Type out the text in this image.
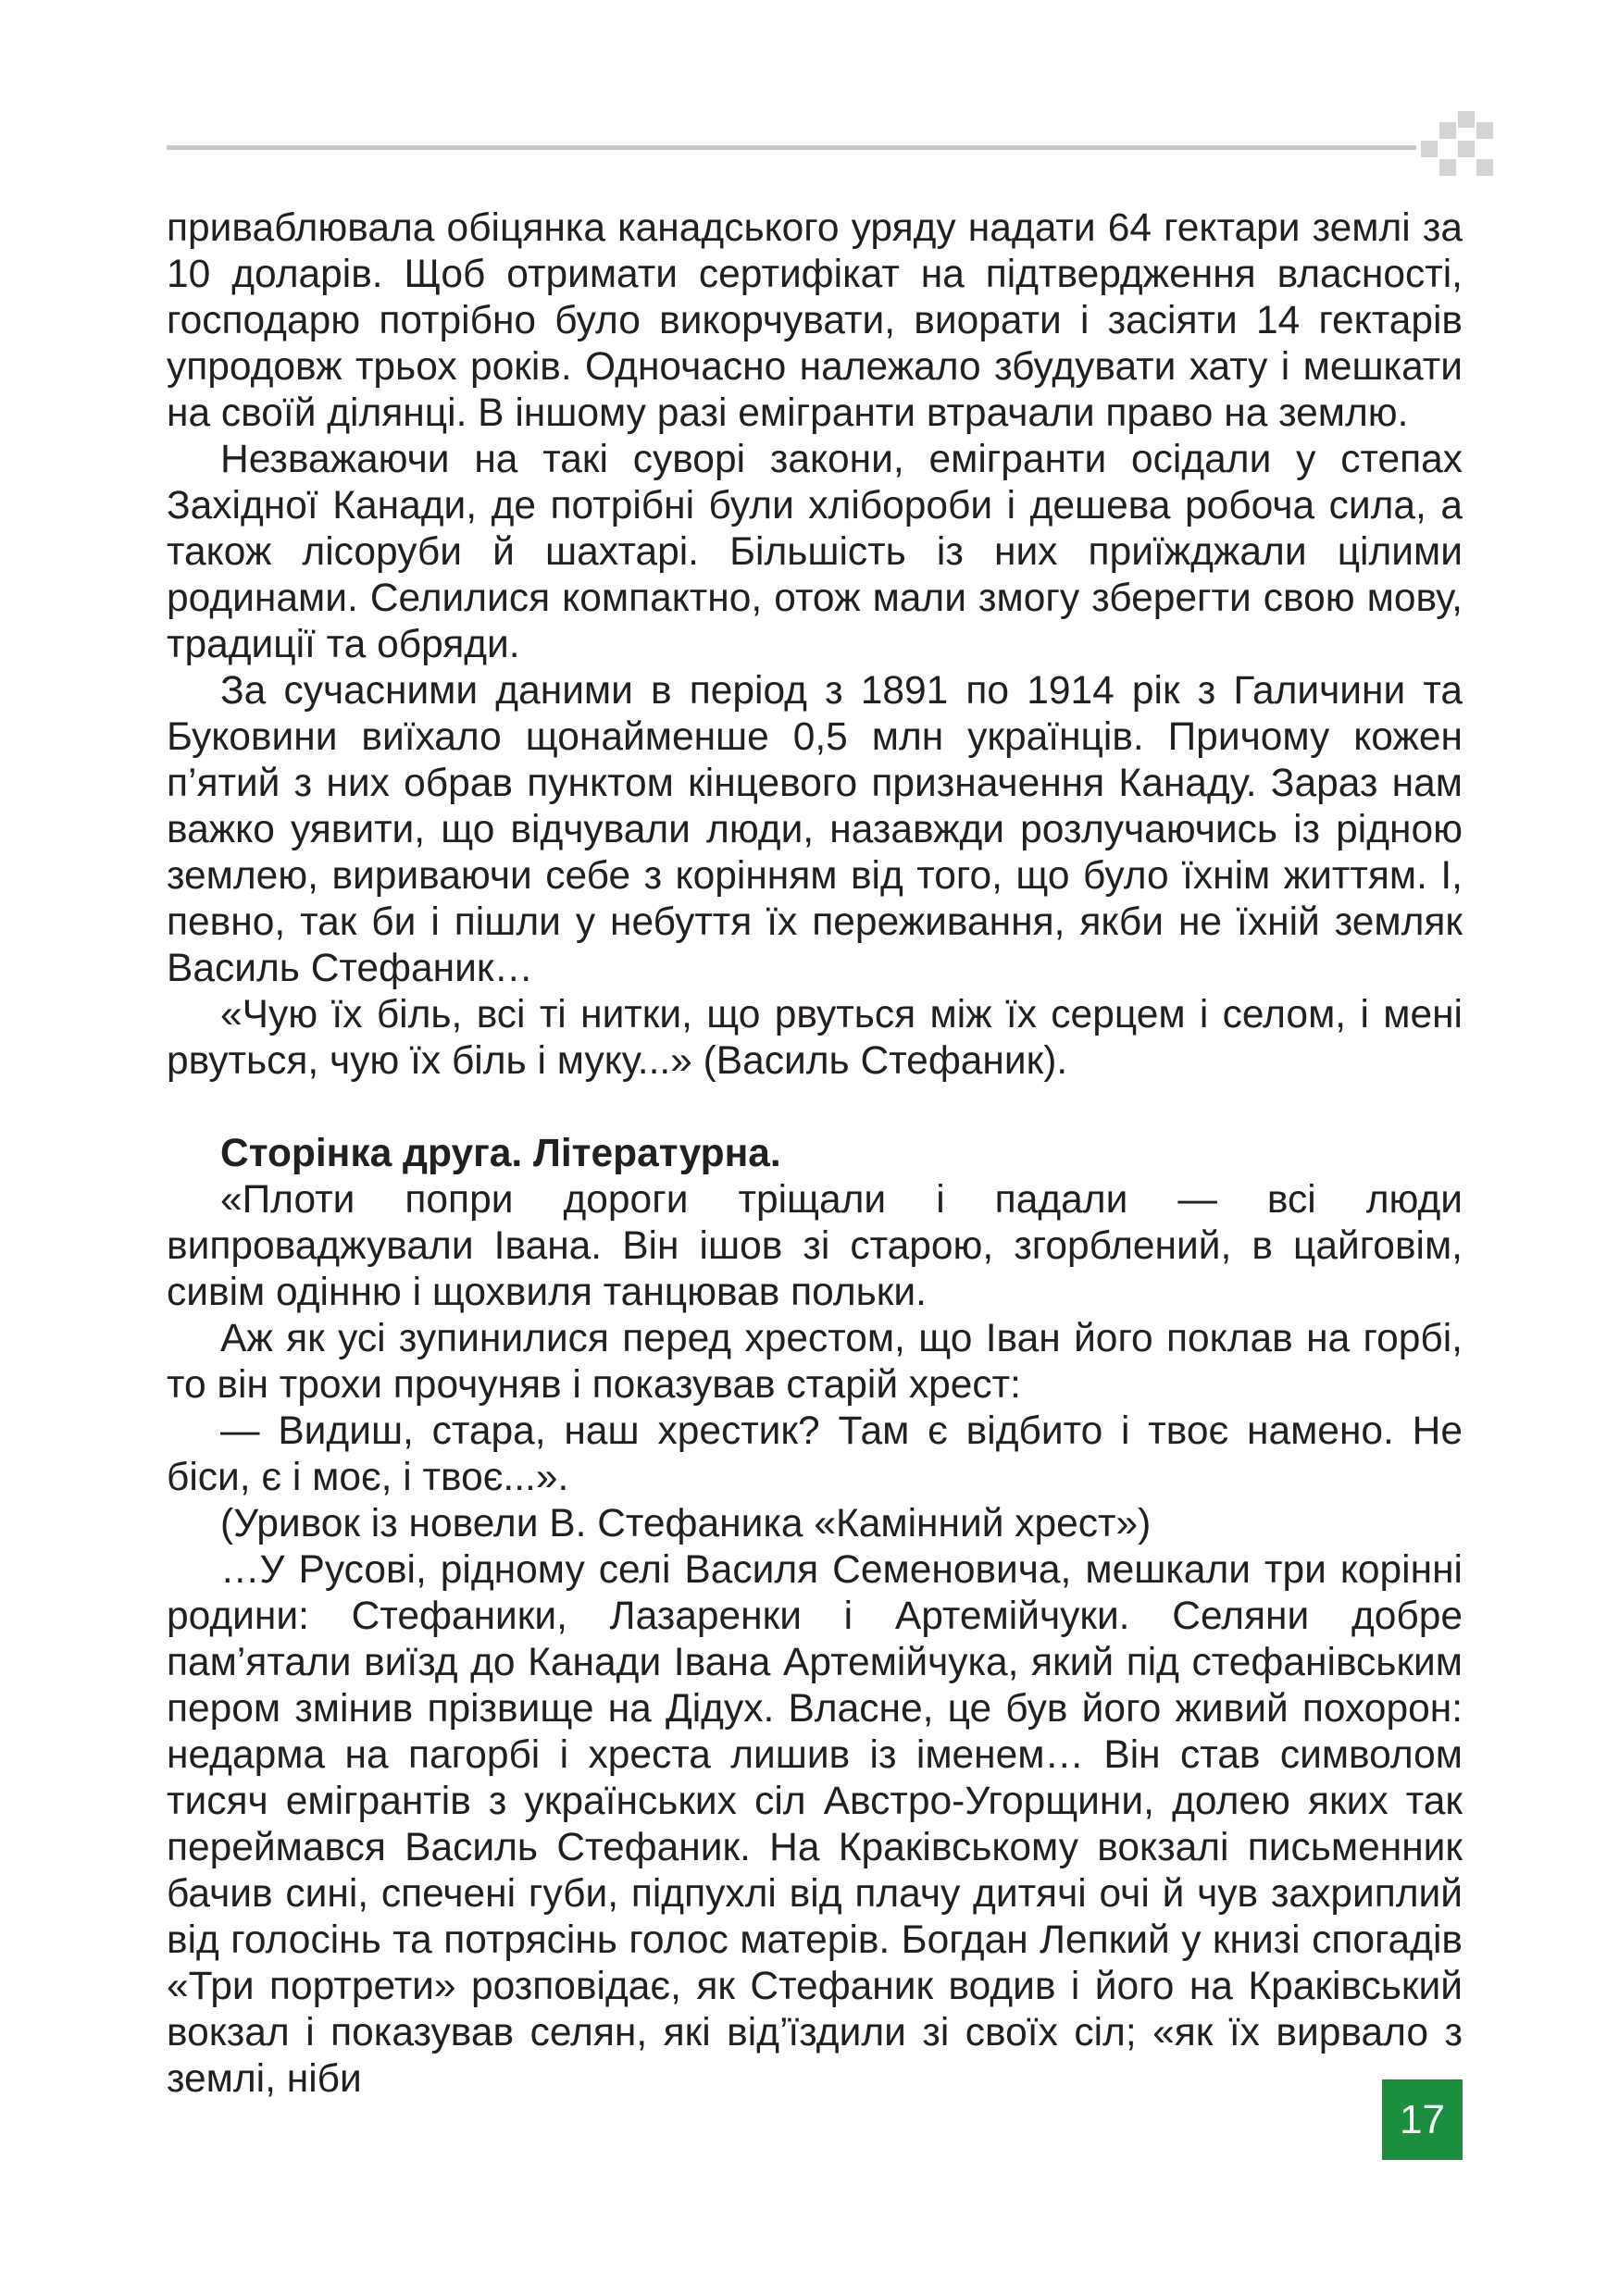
приваблювала обіцянка канадського уряду надати 64 гектари землі за 10 доларів. Щоб отримати сертифікат на підтвердження власності, господарю потрібно було викорчувати, виорати і засіяти 14 гектарів упродовж трьох років. Одночасно належало збудувати хату і мешкати на своїй ділянці. В іншому разі емігранти втрачали право на землю.

Незважаючи на такі суворі закони, емігранти осідали у степах Західної Канади, де потрібні були хлібороби і дешева робоча сила, а також лісоруби й шахтарі. Більшість із них приїжджали цілими родинами. Селилися компактно, отож мали змогу зберегти свою мову, традиції та обряди.

За сучасними даними в період з 1891 по 1914 рік з Галичини та Буковини виїхало щонайменше 0,5 млн українців. Причому кожен п’ятий з них обрав пунктом кінцевого призначення Канаду. Зараз нам важко уявити, що відчували люди, назавжди розлучаючись із рідною землею, вириваючи себе з корінням від того, що було їхнім життям. І, певно, так би і пішли у небуття їх переживання, якби не їхній земляк Василь Стефаник…

«Чую їх біль, всі ті нитки, що рвуться між їх серцем і селом, і мені рвуться, чую їх біль і муку...» (Василь Стефаник).

Сторінка друга. Літературна.

«Плоти попри дороги тріщали і падали — всі люди випроваджували Івана. Він ішов зі старою, згорблений, в цайговім, сивім одінню і щохвиля танцював польки.

Аж як усі зупинилися перед хрестом, що Іван його поклав на горбі, то він трохи прочуняв і показував старій хрест:

— Видиш, стара, наш хрестик? Там є відбито і твоє намено. Не біси, є і моє, і твоє...».

(Уривок із новели В. Стефаника «Камінний хрест»)

…У Русові, рідному селі Василя Семеновича, мешкали три корінні родини: Стефаники, Лазаренки і Артемійчуки. Селяни добре пам’ятали виїзд до Канади Івана Артемійчука, який під стефанівським пером змінив прізвище на Дідух. Власне, це був його живий похорон: недарма на пагорбі і хреста лишив із іменем… Він став символом тисяч емігрантів з українських сіл Австро-Угорщини, долею яких так переймався Василь Стефаник. На Краківському вокзалі письменник бачив сині, спечені губи, підпухлі від плачу дитячі очі й чув захриплий від голосінь та потрясінь голос матерів. Богдан Лепкий у книзі спогадів «Три портрети» розповідає, як Стефаник водив і його на Краківський вокзал і показував селян, які від’їздили зі своїх сіл; «як їх вирвало з землі, ніби

17
